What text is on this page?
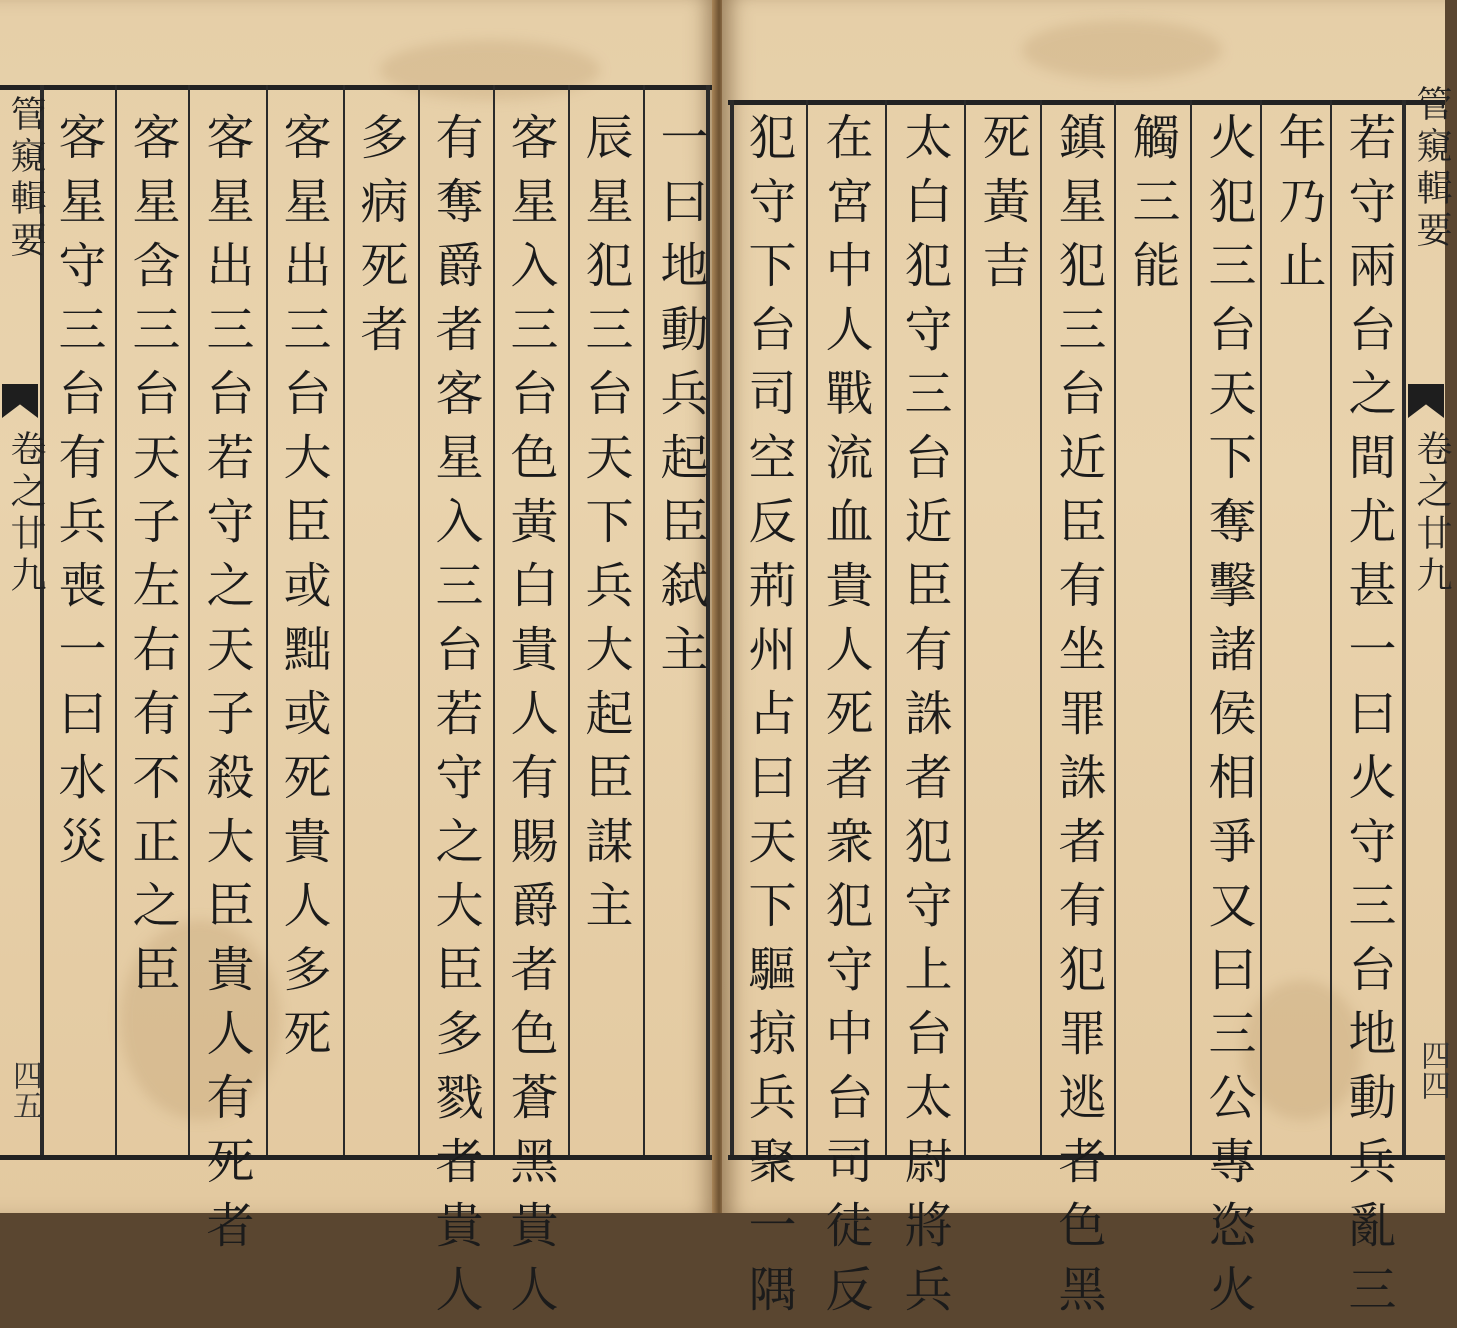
一曰地動兵起臣弑主
辰星犯三台天下兵大起臣謀主
客星入三台色黃白貴人有賜爵者色蒼黑貴人
有奪爵者客星入三台若守之大臣多戮者貴人
多病死者
客星出三台大臣或黜或死貴人多死
客星出三台若守之天子殺大臣貴人有死者
客星含三台天子左右有不正之臣
客星守三台有兵喪一曰水災
管窺輯要
卷之廿九
四五	若守兩台之間尤甚一曰火守三台地動兵亂三
年乃止
火犯三台天下奪擊諸侯相爭又曰三公專恣火
觸三能
鎮星犯三台近臣有坐罪誅者有犯罪逃者色黑
死黃吉
太白犯守三台近臣有誅者犯守上台太尉將兵
在宮中人戰流血貴人死者衆犯守中台司徒反
犯守下台司空反荊州占曰天下驅掠兵聚一隅	管窺輯要
卷之廿九
四四
